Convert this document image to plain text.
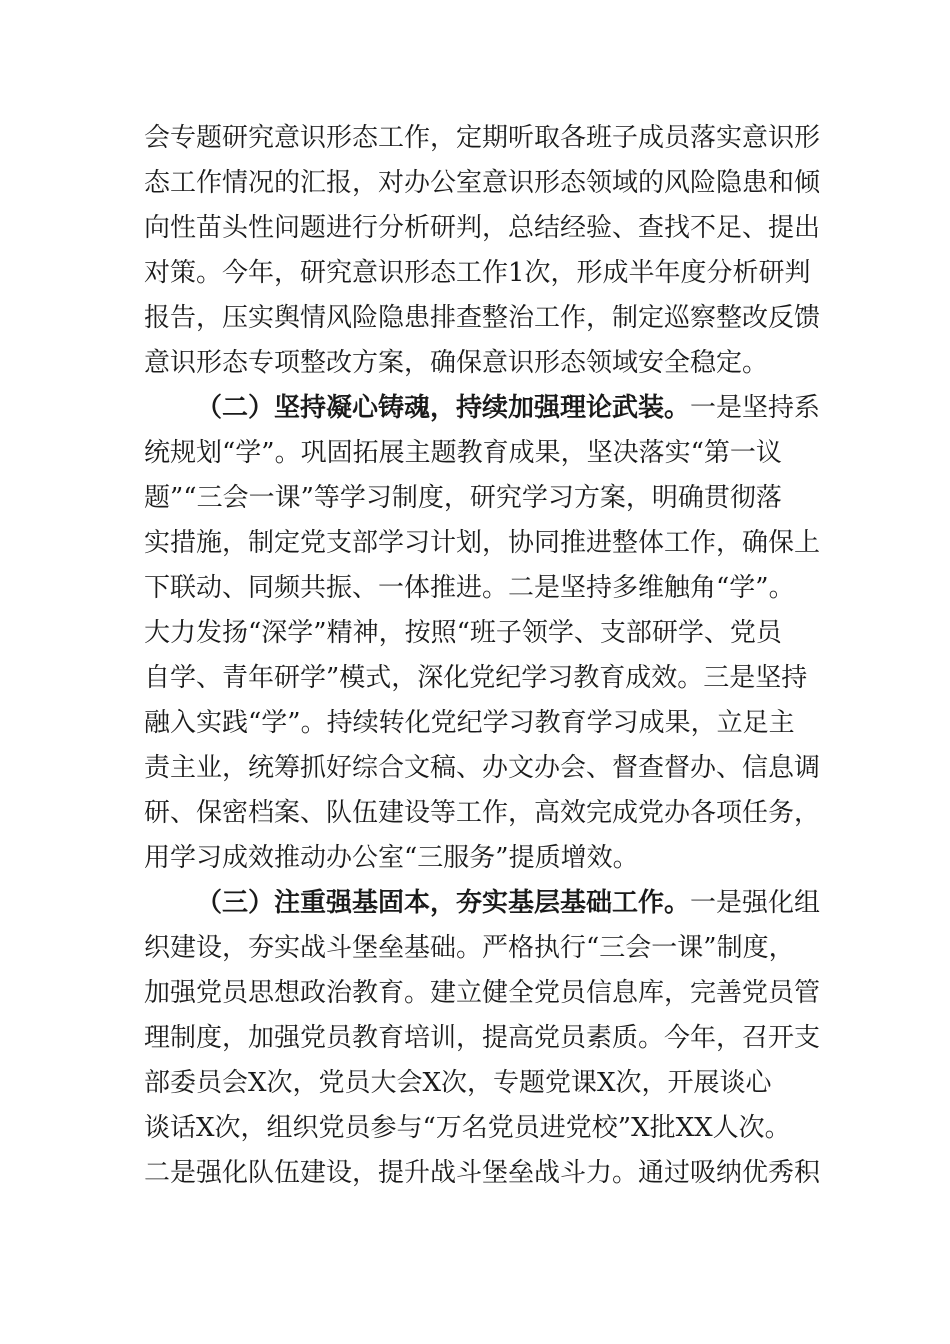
会专题研究意识形态工作，定期听取各班子成员落实意识形
态工作情况的汇报，对办公室意识形态领域的风险隐患和倾
向性苗头性问题进行分析研判，总结经验、查找不足、提出
对策。今年，研究意识形态工作1次，形成半年度分析研判
报告，压实舆情风险隐患排查整治工作，制定巡察整改反馈
意识形态专项整改方案，确保意识形态领域安全稳定。
（二）坚持凝心铸魂，持续加强理论武装。一是坚持系
统规划“学”。巩固拓展主题教育成果，坚决落实“第一议
题”“三会一课”等学习制度，研究学习方案，明确贯彻落
实措施，制定党支部学习计划，协同推进整体工作，确保上
下联动、同频共振、一体推进。二是坚持多维触角“学”。
大力发扬“深学”精神，按照“班子领学、支部研学、党员
自学、青年研学”模式，深化党纪学习教育成效。三是坚持
融入实践“学”。持续转化党纪学习教育学习成果，立足主
责主业，统筹抓好综合文稿、办文办会、督查督办、信息调
研、保密档案、队伍建设等工作，高效完成党办各项任务，
用学习成效推动办公室“三服务”提质增效。
（三）注重强基固本，夯实基层基础工作。一是强化组
织建设，夯实战斗堡垒基础。严格执行“三会一课”制度，
加强党员思想政治教育。建立健全党员信息库，完善党员管
理制度，加强党员教育培训，提高党员素质。今年，召开支
部委员会X次，党员大会X次，专题党课X次，开展谈心
谈话X次，组织党员参与“万名党员进党校”X批XX人次。
二是强化队伍建设，提升战斗堡垒战斗力。通过吸纳优秀积
